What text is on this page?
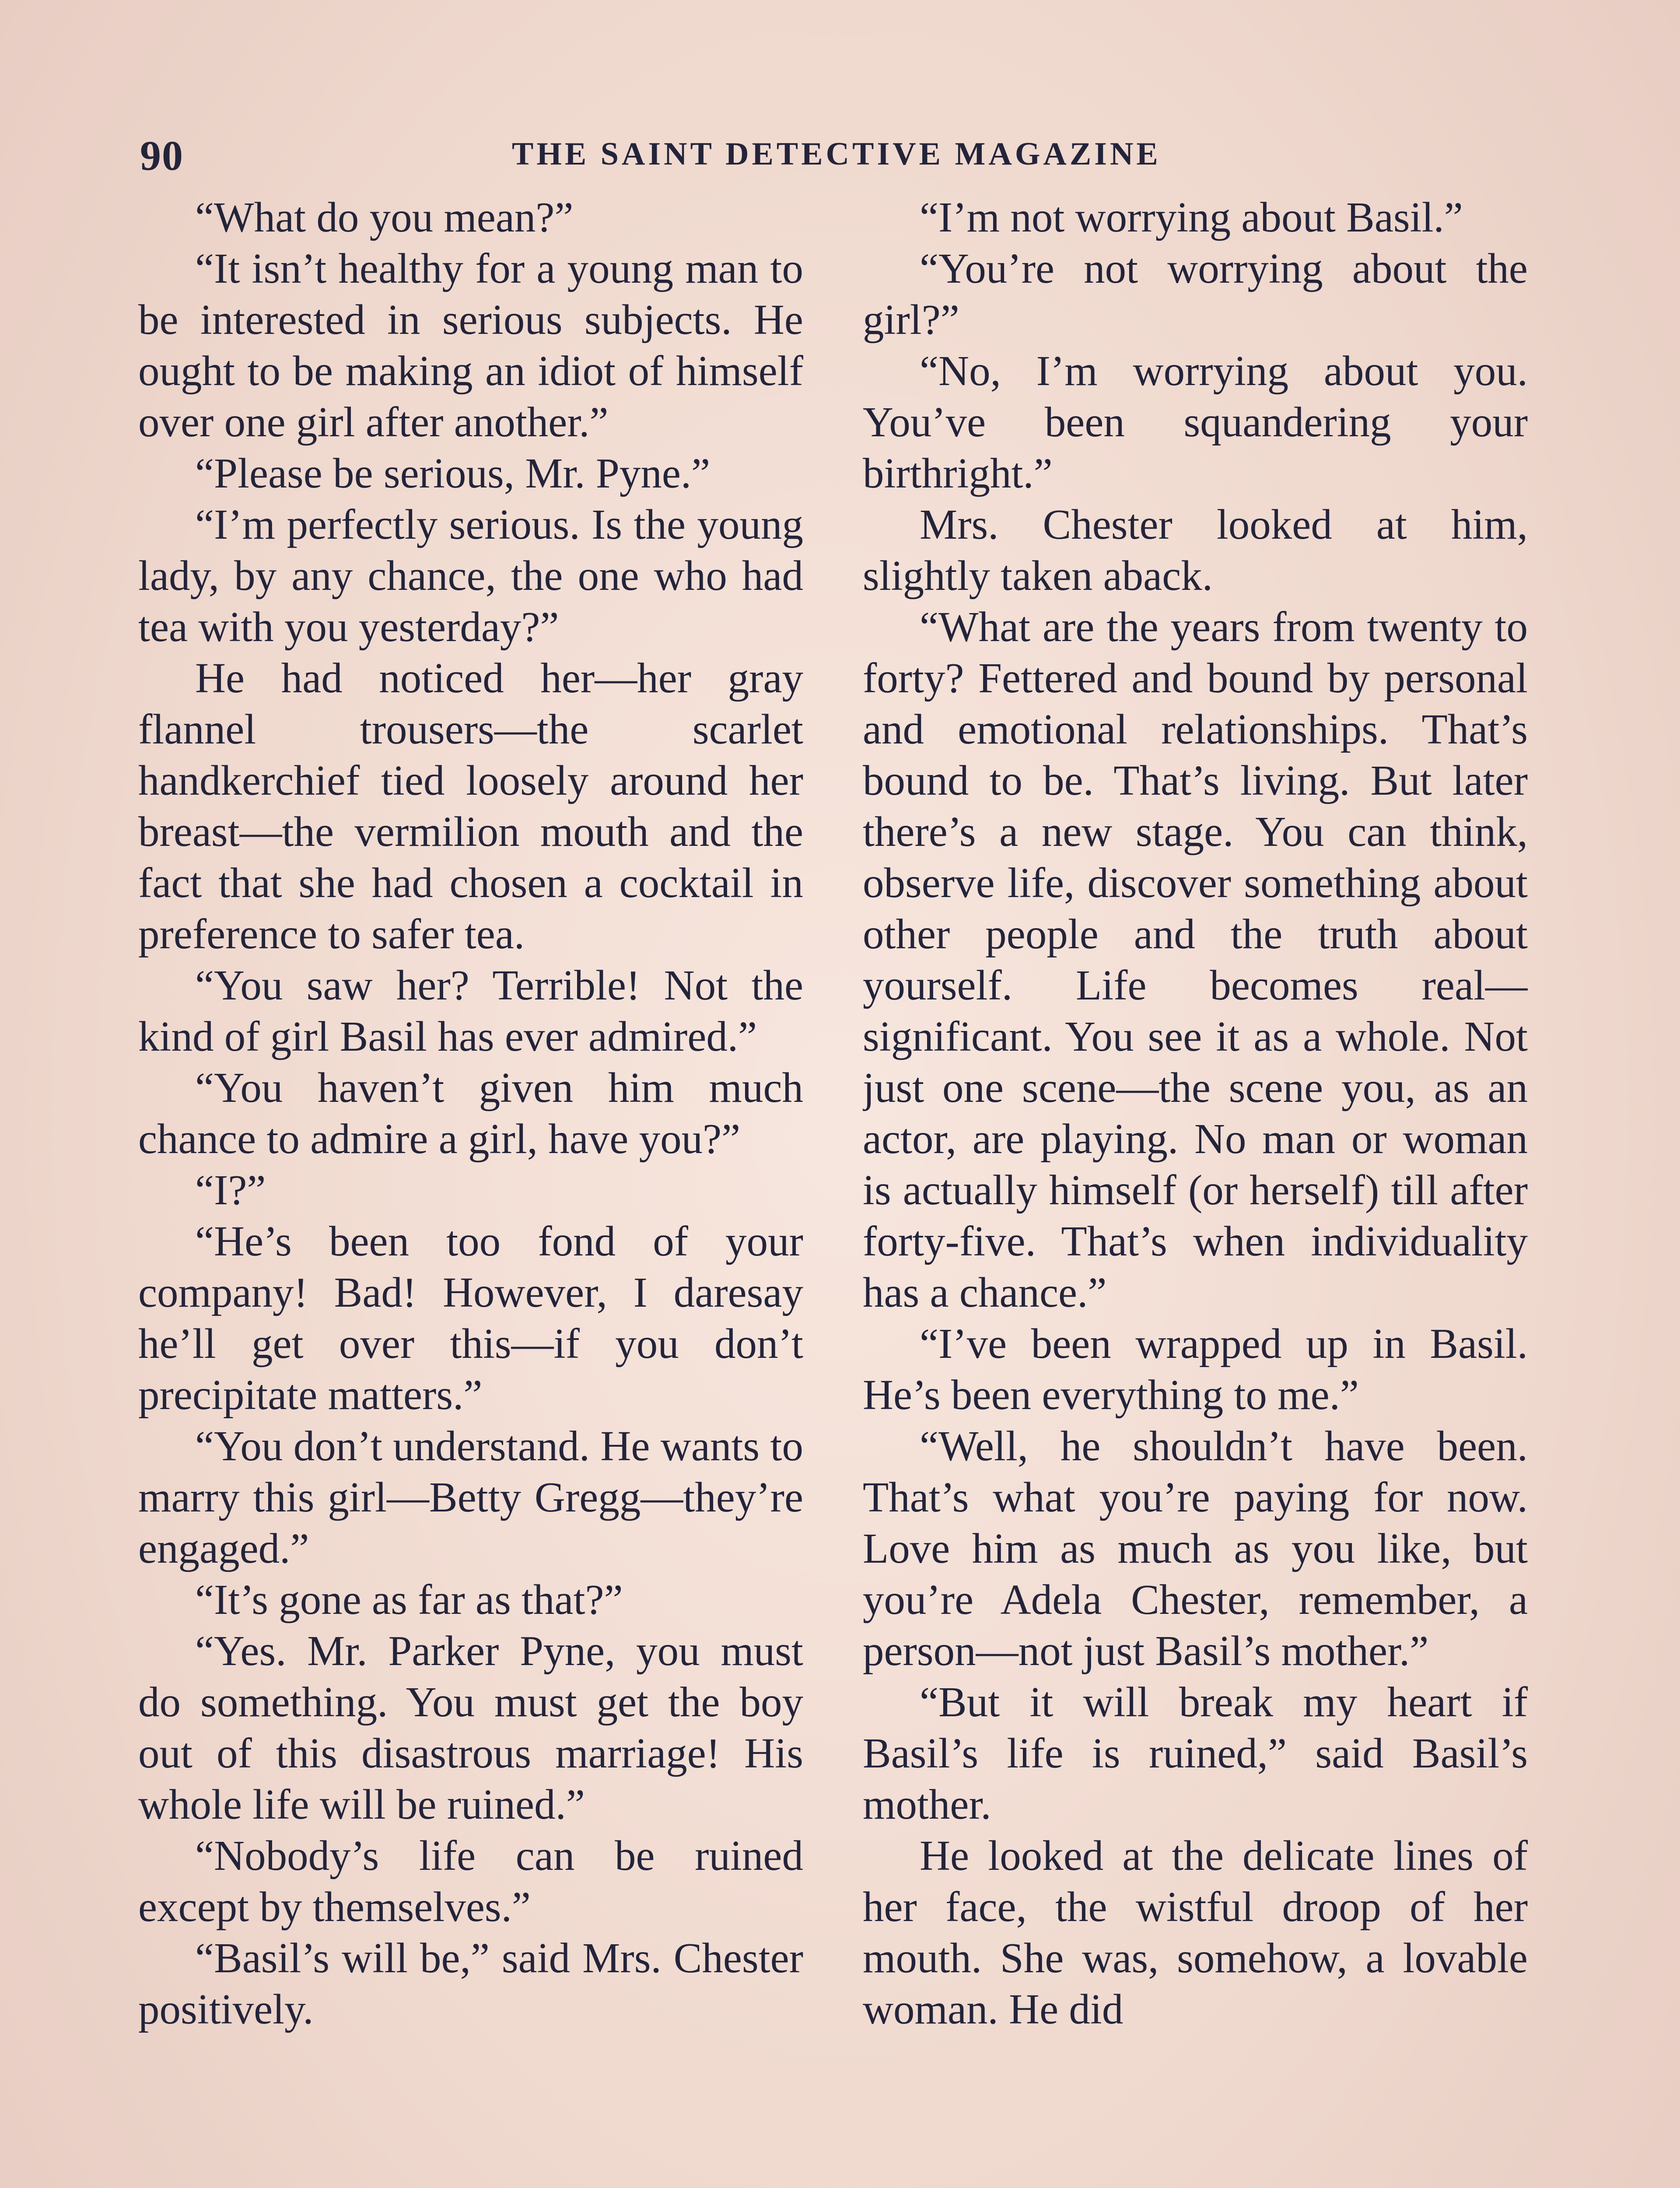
90	THE SAINT DETECTIVE MAGAZINE

“What do you mean?”

“It isn’t healthy for a young man to be interested in serious subjects. He ought to be making an idiot of himself over one girl after another.”

“Please be serious, Mr. Pyne.”

“I’m perfectly serious. Is the young lady, by any chance, the one who had tea with you yesterday?”

He had noticed her—her gray flannel trousers—the scarlet handkerchief tied loosely around her breast—the vermilion mouth and the fact that she had chosen a cocktail in preference to safer tea.

“You saw her? Terrible! Not the kind of girl Basil has ever admired.”

“You haven’t given him much chance to admire a girl, have you?”

“I?”

“He’s been too fond of your company! Bad! However, I daresay he’ll get over this—if you don’t precipitate matters.”

“You don’t understand. He wants to marry this girl—Betty Gregg—they’re engaged.”

“It’s gone as far as that?”

“Yes. Mr. Parker Pyne, you must do something. You must get the boy out of this disastrous marriage! His whole life will be ruined.”

“Nobody’s life can be ruined except by themselves.”

“Basil’s will be,” said Mrs. Chester positively.

“I’m not worrying about Basil.”

“You’re not worrying about the girl?”

“No, I’m worrying about you. You’ve been squandering your birthright.”

Mrs. Chester looked at him, slightly taken aback.

“What are the years from twenty to forty? Fettered and bound by personal and emotional relationships. That’s bound to be. That’s living. But later there’s a new stage. You can think, observe life, discover something about other people and the truth about yourself. Life becomes real—significant. You see it as a whole. Not just one scene—the scene you, as an actor, are playing. No man or woman is actually himself (or herself) till after forty-five. That’s when individuality has a chance.”

“I’ve been wrapped up in Basil. He’s been everything to me.”

“Well, he shouldn’t have been. That’s what you’re paying for now. Love him as much as you like, but you’re Adela Chester, remember, a person—not just Basil’s mother.”

“But it will break my heart if Basil’s life is ruined,” said Basil’s mother.

He looked at the delicate lines of her face, the wistful droop of her mouth. She was, somehow, a lovable woman. He did
